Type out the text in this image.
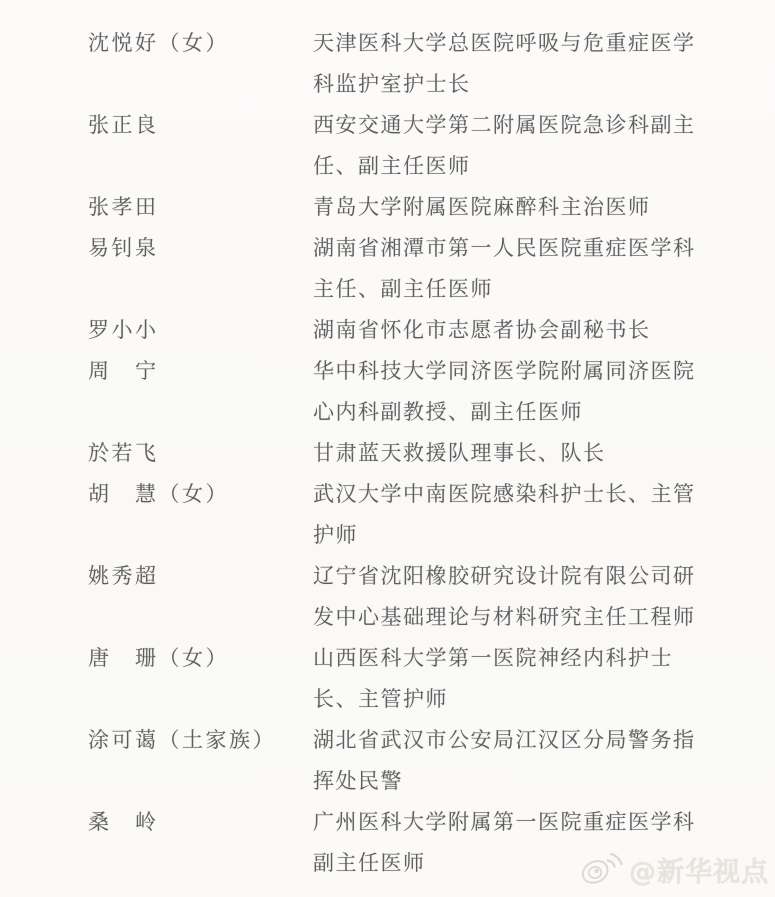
沈悦好（女）	天津医科大学总医院呼吸与危重症医学科监护室护士长
张正良	西安交通大学第二附属医院急诊科副主任、副主任医师
张孝田	青岛大学附属医院麻醉科主治医师
易钊泉	湖南省湘潭市第一人民医院重症医学科主任、副主任医师
罗小小	湖南省怀化市志愿者协会副秘书长
周　宁	华中科技大学同济医学院附属同济医院心内科副教授、副主任医师
於若飞	甘肃蓝天救援队理事长、队长
胡　慧（女）	武汉大学中南医院感染科护士长、主管护师
姚秀超	辽宁省沈阳橡胶研究设计院有限公司研发中心基础理论与材料研究主任工程师
唐　珊（女）	山西医科大学第一医院神经内科护士长、主管护师
涂可蔼（土家族）	湖北省武汉市公安局江汉区分局警务指挥处民警
桑　岭	广州医科大学附属第一医院重症医学科副主任医师	@新华视点
